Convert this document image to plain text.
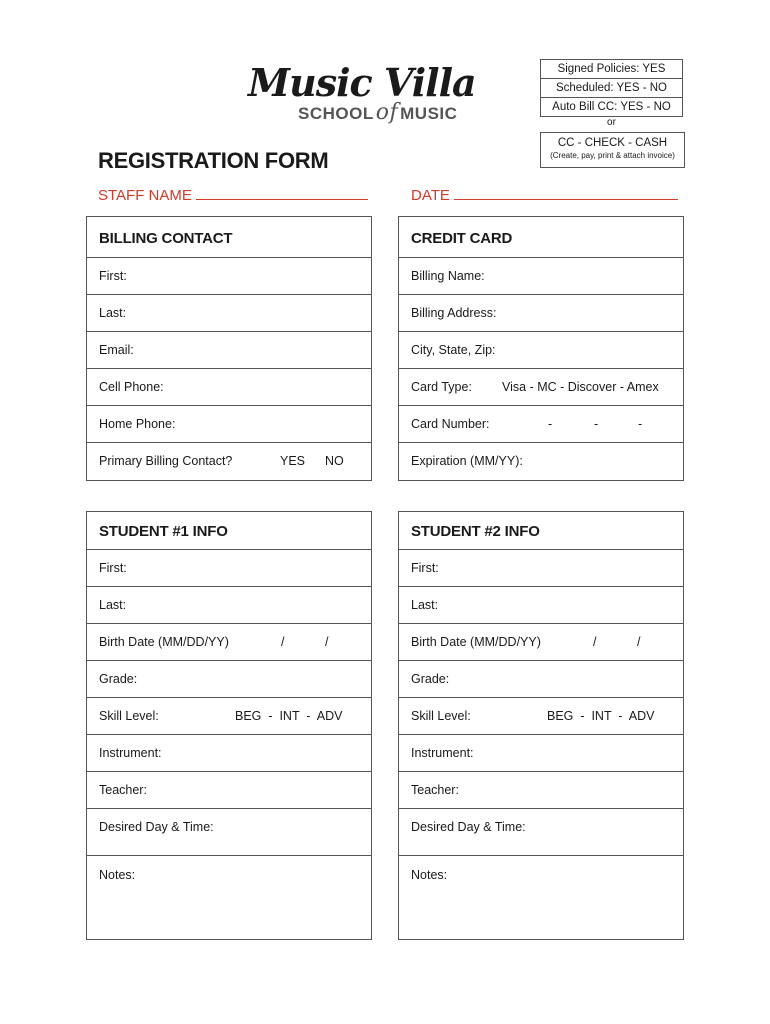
Music Villa
SCHOOLof MUSIC
Signed Policies: YES
Scheduled: YES - NO
Auto Bill CC: YES - NO
or
CC - CHECK - CASH
(Create, pay, print & attach invoice)
REGISTRATION FORM
STAFF NAME	DATE
BILLING CONTACT
First:
Last:
Email:
Cell Phone:
Home Phone:
Primary Billing Contact?	YES NO
CREDIT CARD
Billing Name:
Billing Address:
City, State, Zip:
Card Type: Visa - MC - Discover - Amex
Card Number:	-	-	-
Expiration (MM/YY):
STUDENT #1 INFO
First:
Last:
Birth Date (MM/DD/YY)	/	/
Grade:
Skill Level:	BEG  -  INT  -  ADV
Instrument:
Teacher:
Desired Day & Time:
Notes:
STUDENT #2 INFO
First:
Last:
Birth Date (MM/DD/YY)	/	/
Grade:
Skill Level:	BEG  -  INT  -  ADV
Instrument:
Teacher:
Desired Day & Time:
Notes:
